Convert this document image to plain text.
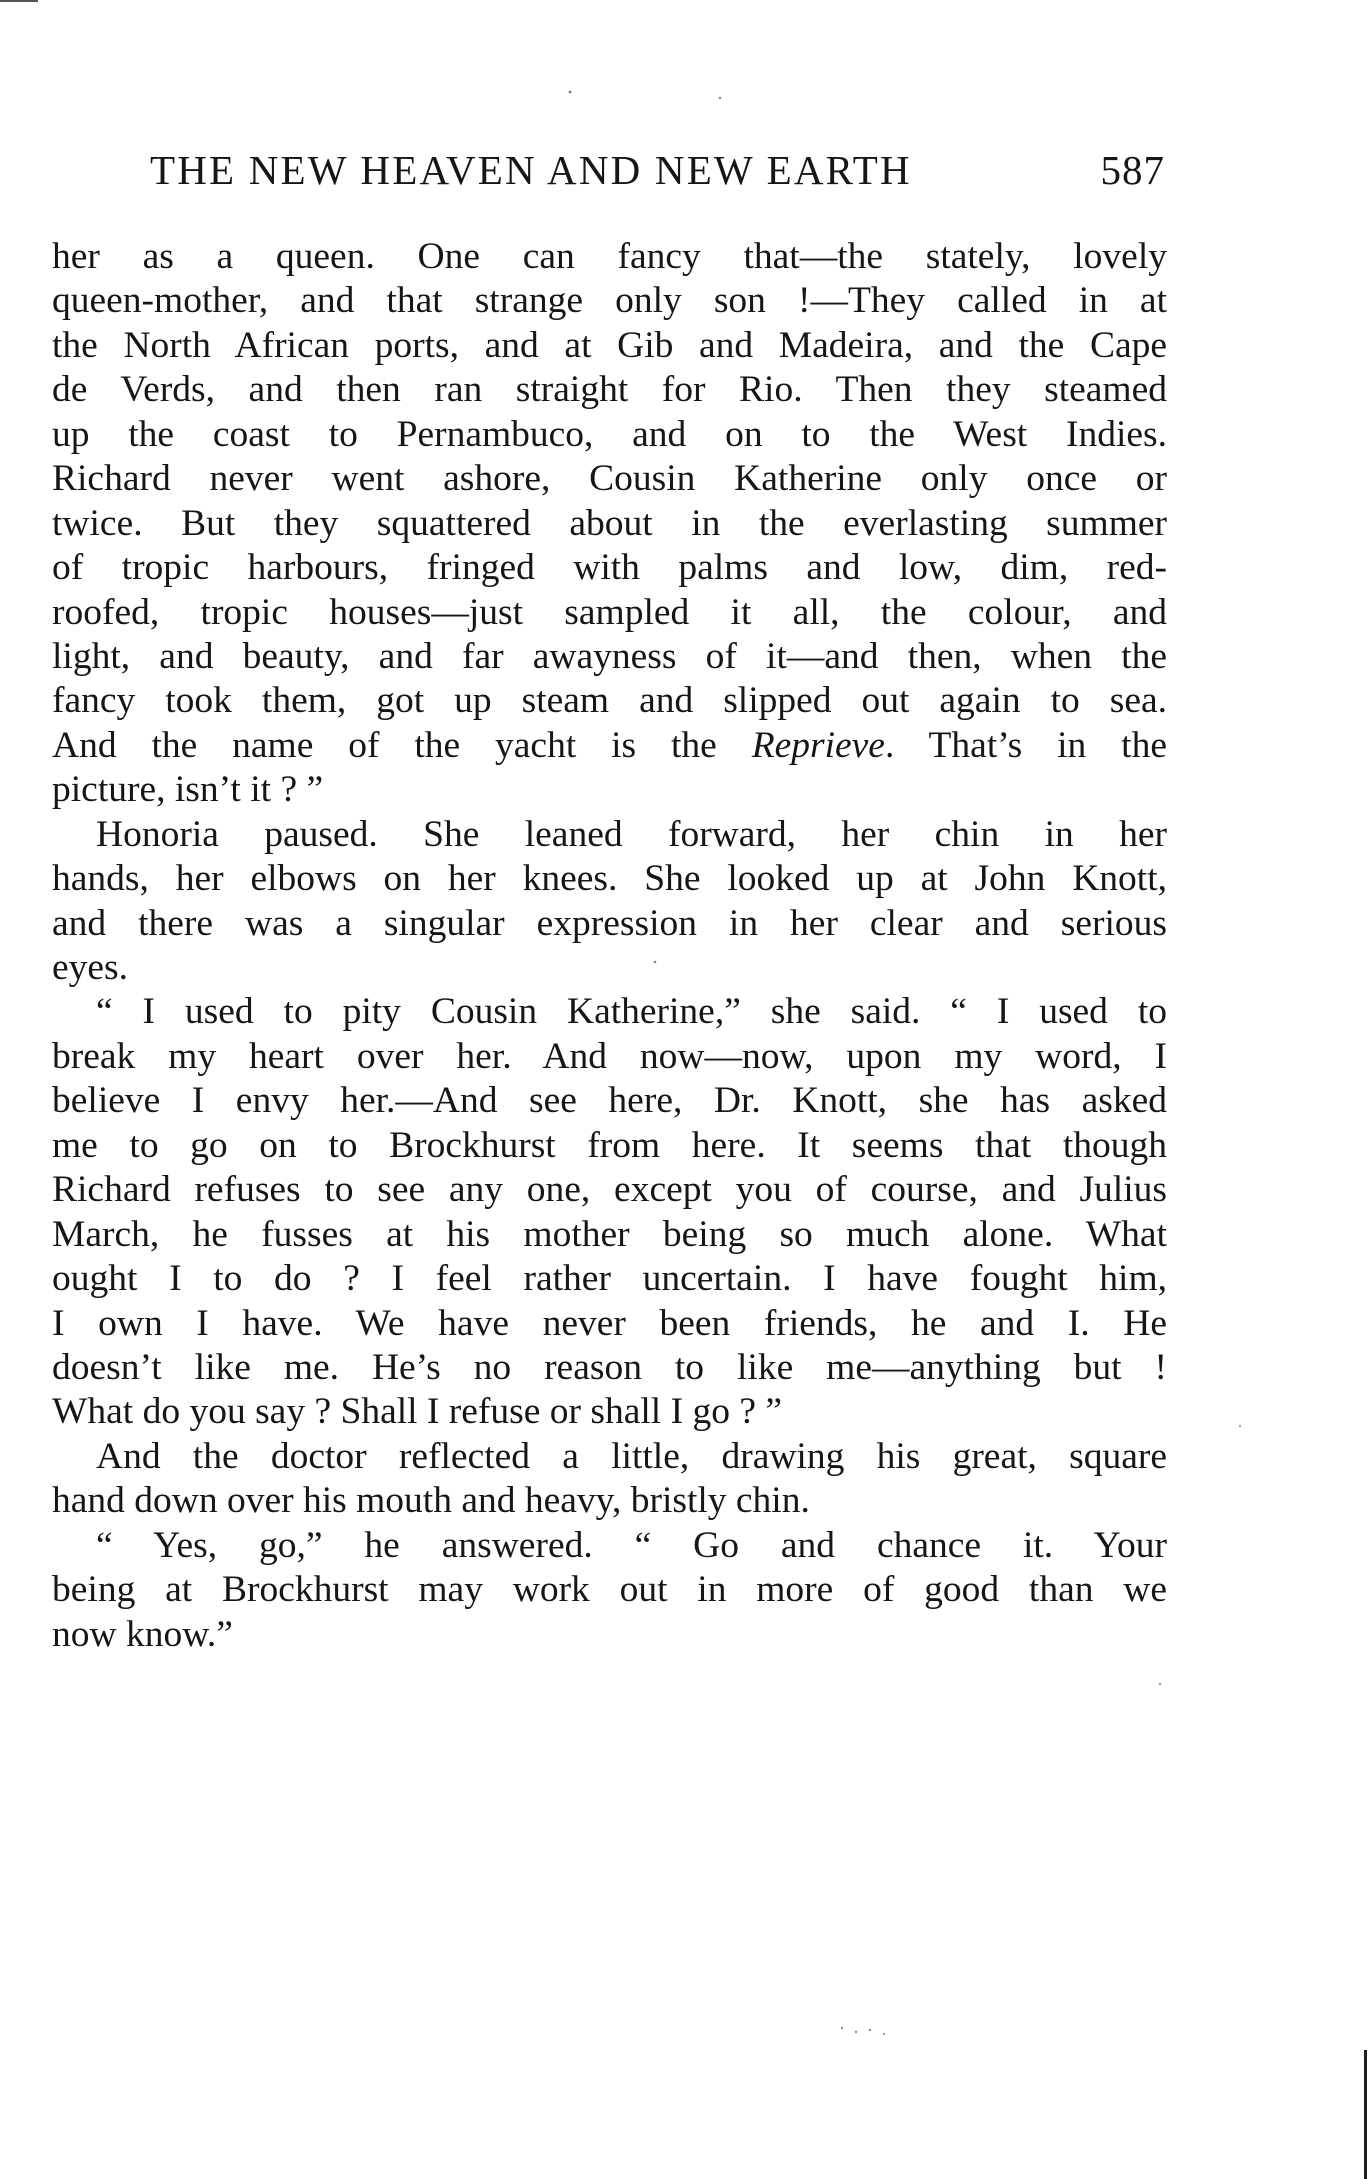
THE NEW HEAVEN AND NEW EARTH	587
her as a queen. One can fancy that—the stately, lovely
queen-mother, and that strange only son !—They called in at
the North African ports, and at Gib and Madeira, and the Cape
de Verds, and then ran straight for Rio. Then they steamed
up the coast to Pernambuco, and on to the West Indies.
Richard never went ashore, Cousin Katherine only once or
twice. But they squattered about in the everlasting summer
of tropic harbours, fringed with palms and low, dim, red-
roofed, tropic houses—just sampled it all, the colour, and
light, and beauty, and far awayness of it—and then, when the
fancy took them, got up steam and slipped out again to sea.
And the name of the yacht is the Reprieve. That’s in the
picture, isn’t it ? ”
Honoria paused. She leaned forward, her chin in her
hands, her elbows on her knees. She looked up at John Knott,
and there was a singular expression in her clear and serious
eyes.
“ I used to pity Cousin Katherine,” she said. “ I used to
break my heart over her. And now—now, upon my word, I
believe I envy her.—And see here, Dr. Knott, she has asked
me to go on to Brockhurst from here. It seems that though
Richard refuses to see any one, except you of course, and Julius
March, he fusses at his mother being so much alone. What
ought I to do ? I feel rather uncertain. I have fought him,
I own I have. We have never been friends, he and I. He
doesn’t like me. He’s no reason to like me—anything but !
What do you say ? Shall I refuse or shall I go ? ”
And the doctor reflected a little, drawing his great, square
hand down over his mouth and heavy, bristly chin.
“ Yes, go,” he answered. “ Go and chance it. Your
being at Brockhurst may work out in more of good than we
now know.”
